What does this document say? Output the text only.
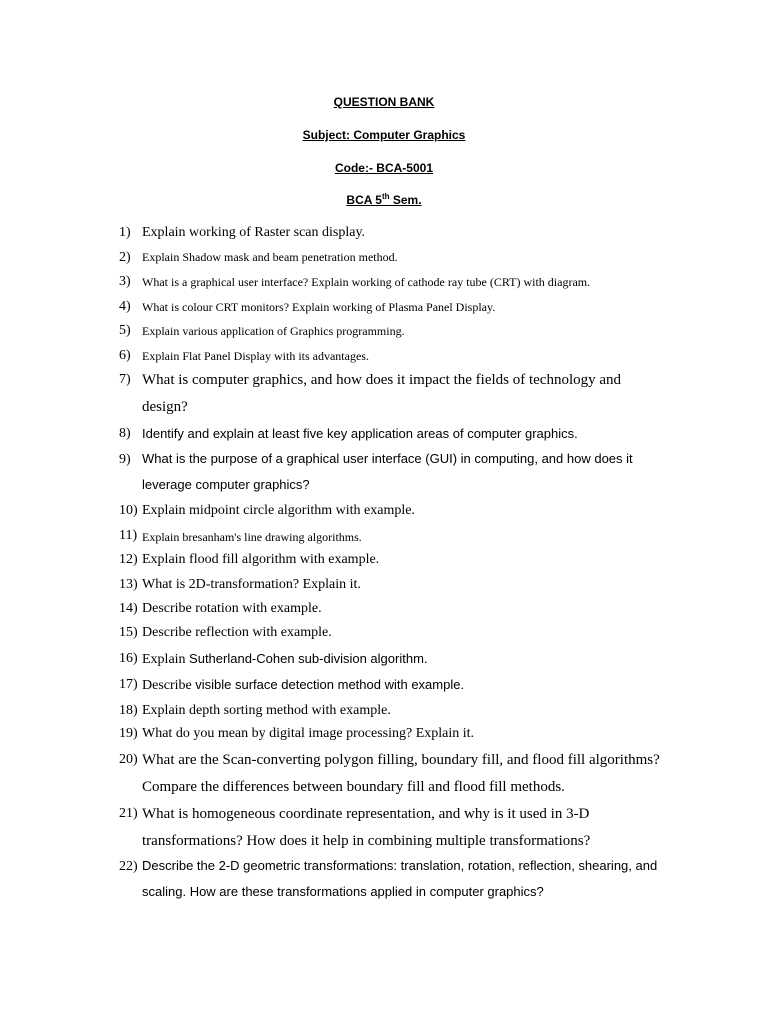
QUESTION BANK
Subject: Computer Graphics
Code:- BCA-5001
BCA 5th Sem.
1) Explain working of Raster scan display.
2) Explain Shadow mask and beam penetration method.
3) What is a graphical user interface? Explain working of cathode ray tube (CRT) with diagram.
4) What is colour CRT monitors? Explain working of Plasma Panel Display.
5) Explain various application of Graphics programming.
6) Explain Flat Panel Display with its advantages.
7) What is computer graphics, and how does it impact the fields of technology and
design?
8) Identify and explain at least five key application areas of computer graphics.
9) What is the purpose of a graphical user interface (GUI) in computing, and how does it
leverage computer graphics?
10) Explain midpoint circle algorithm with example.
11) Explain bresanham's line drawing algorithms.
12) Explain flood fill algorithm with example.
13) What is 2D-transformation? Explain it.
14) Describe rotation with example.
15) Describe reflection with example.
16) Explain Sutherland-Cohen sub-division algorithm.
17) Describe visible surface detection method with example.
18) Explain depth sorting method with example.
19) What do you mean by digital image processing? Explain it.
20) What are the Scan-converting polygon filling, boundary fill, and flood fill algorithms?
Compare the differences between boundary fill and flood fill methods.
21) What is homogeneous coordinate representation, and why is it used in 3-D
transformations? How does it help in combining multiple transformations?
22) Describe the 2-D geometric transformations: translation, rotation, reflection, shearing, and
scaling. How are these transformations applied in computer graphics?
